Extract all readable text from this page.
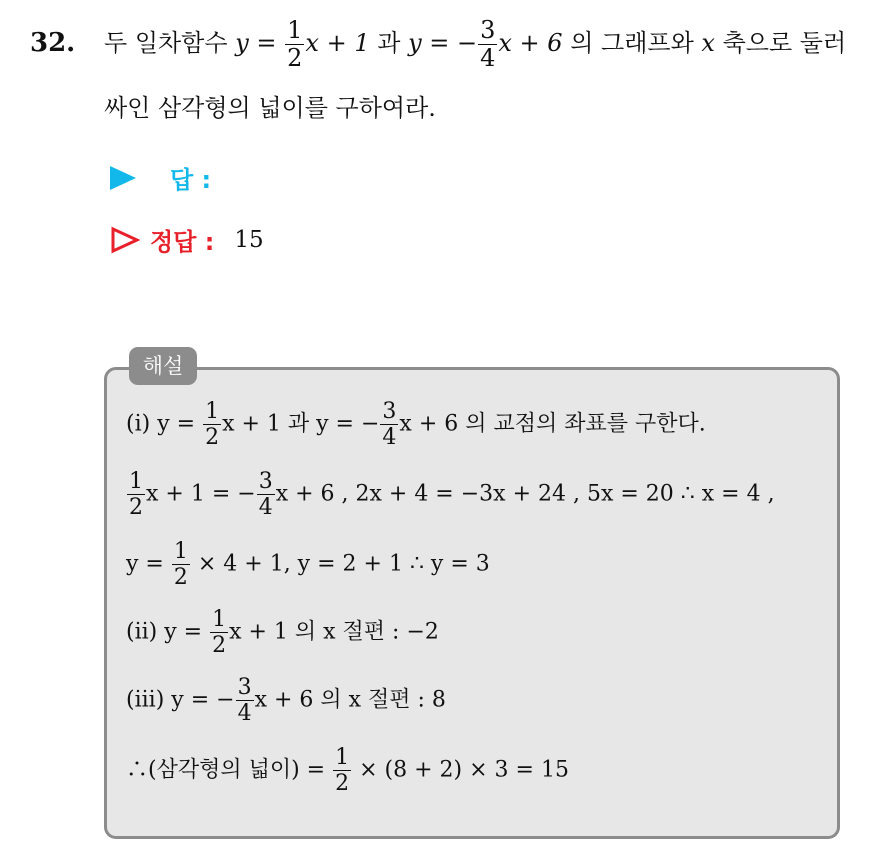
32. 두 일차함수 $y = \frac{1}{2}$ x + 1 과 y = − $\frac{3}{4}$ x + 6 의 그래프와 x 축으로 둘러
싸인 삼각형의 넓이를 구하여라.
답 :
정답 : 15
해설
(i) $y = \frac{1}{2}$ x + 1 과 y = − $\frac{3}{4}$ x + 6 의 교점의 좌표를 구한다.
$\frac{1}{2}$ x + 1 = − $\frac{3}{4}$ x + 6 , 2x + 4 = −3x + 24 , 5x = 20 ∴ x = 4 ,
$y = \frac{1}{2} \times 4 + 1$, y = 2 + 1 ∴ y = 3
(ii) $y = \frac{1}{2}$ x + 1 의 x 절편 : −2
(iii) y = − $\frac{3}{4}$ x + 6 의 x 절편 : 8
∴(삼각형의 넓이) = $\frac{1}{2} \times (8 + 2) \times 3 = 15$
